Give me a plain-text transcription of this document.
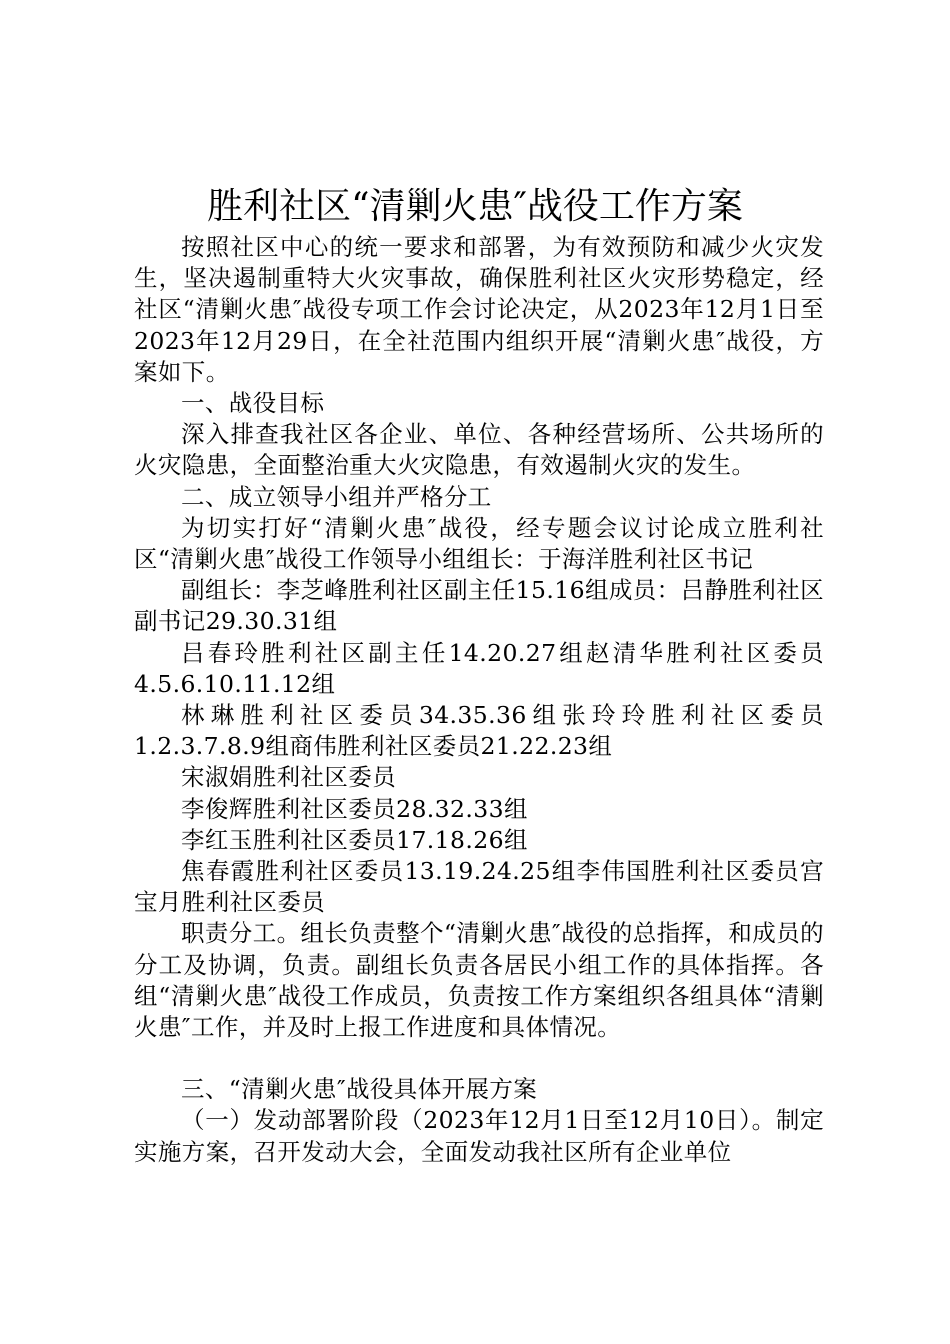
胜利社区“清剿火患″战役工作方案

按照社区中心的统一要求和部署，为有效预防和减少火灾发生，坚决遏制重特大火灾事故，确保胜利社区火灾形势稳定，经社区“清剿火患″战役专项工作会讨论决定，从2023年12月1日至2023年12月29日，在全社范围内组织开展“清剿火患″战役，方案如下。

一、战役目标

深入排查我社区各企业、单位、各种经营场所、公共场所的火灾隐患，全面整治重大火灾隐患，有效遏制火灾的发生。

二、成立领导小组并严格分工

为切实打好“清剿火患″战役，经专题会议讨论成立胜利社区“清剿火患″战役工作领导小组组长：于海洋胜利社区书记

副组长：李芝峰胜利社区副主任15.16组成员：吕静胜利社区副书记29.30.31组

吕春玲胜利社区副主任14.20.27组赵清华胜利社区委员4.5.6.10.11.12组

林琳胜利社区委员34.35.36组张玲玲胜利社区委员1.2.3.7.8.9组商伟胜利社区委员21.22.23组

宋淑娟胜利社区委员

李俊辉胜利社区委员28.32.33组

李红玉胜利社区委员17.18.26组

焦春霞胜利社区委员13.19.24.25组李伟国胜利社区委员宫宝月胜利社区委员

职责分工。组长负责整个“清剿火患″战役的总指挥，和成员的分工及协调，负责。副组长负责各居民小组工作的具体指挥。各组“清剿火患″战役工作成员，负责按工作方案组织各组具体“清剿火患″工作，并及时上报工作进度和具体情况。

三、“清剿火患″战役具体开展方案

（一）发动部署阶段（2023年12月1日至12月10日）。制定实施方案，召开发动大会，全面发动我社区所有企业单位
